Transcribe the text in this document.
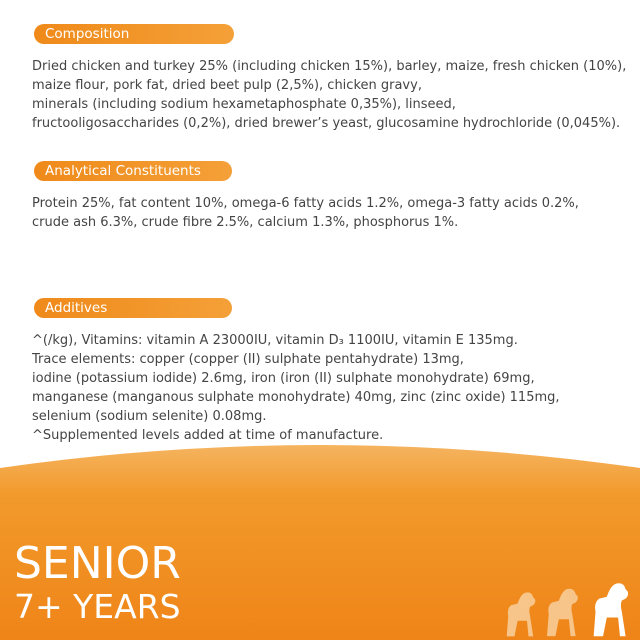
Composition
Dried chicken and turkey 25% (including chicken 15%), barley, maize, fresh chicken (10%),
maize flour, pork fat, dried beet pulp (2,5%), chicken gravy,
minerals (including sodium hexametaphosphate 0,35%), linseed,
fructooligosaccharides (0,2%), dried brewer’s yeast, glucosamine hydrochloride (0,045%).
Analytical Constituents
Protein 25%, fat content 10%, omega-6 fatty acids 1.2%, omega-3 fatty acids 0.2%,
crude ash 6.3%, crude fibre 2.5%, calcium 1.3%, phosphorus 1%.
Additives
^(/kg), Vitamins: vitamin A 23000IU, vitamin D₃ 1100IU, vitamin E 135mg.
Trace elements: copper (copper (II) sulphate pentahydrate) 13mg,
iodine (potassium iodide) 2.6mg, iron (iron (II) sulphate monohydrate) 69mg,
manganese (manganous sulphate monohydrate) 40mg, zinc (zinc oxide) 115mg,
selenium (sodium selenite) 0.08mg.
^Supplemented levels added at time of manufacture.
SENIOR
7+ YEARS
